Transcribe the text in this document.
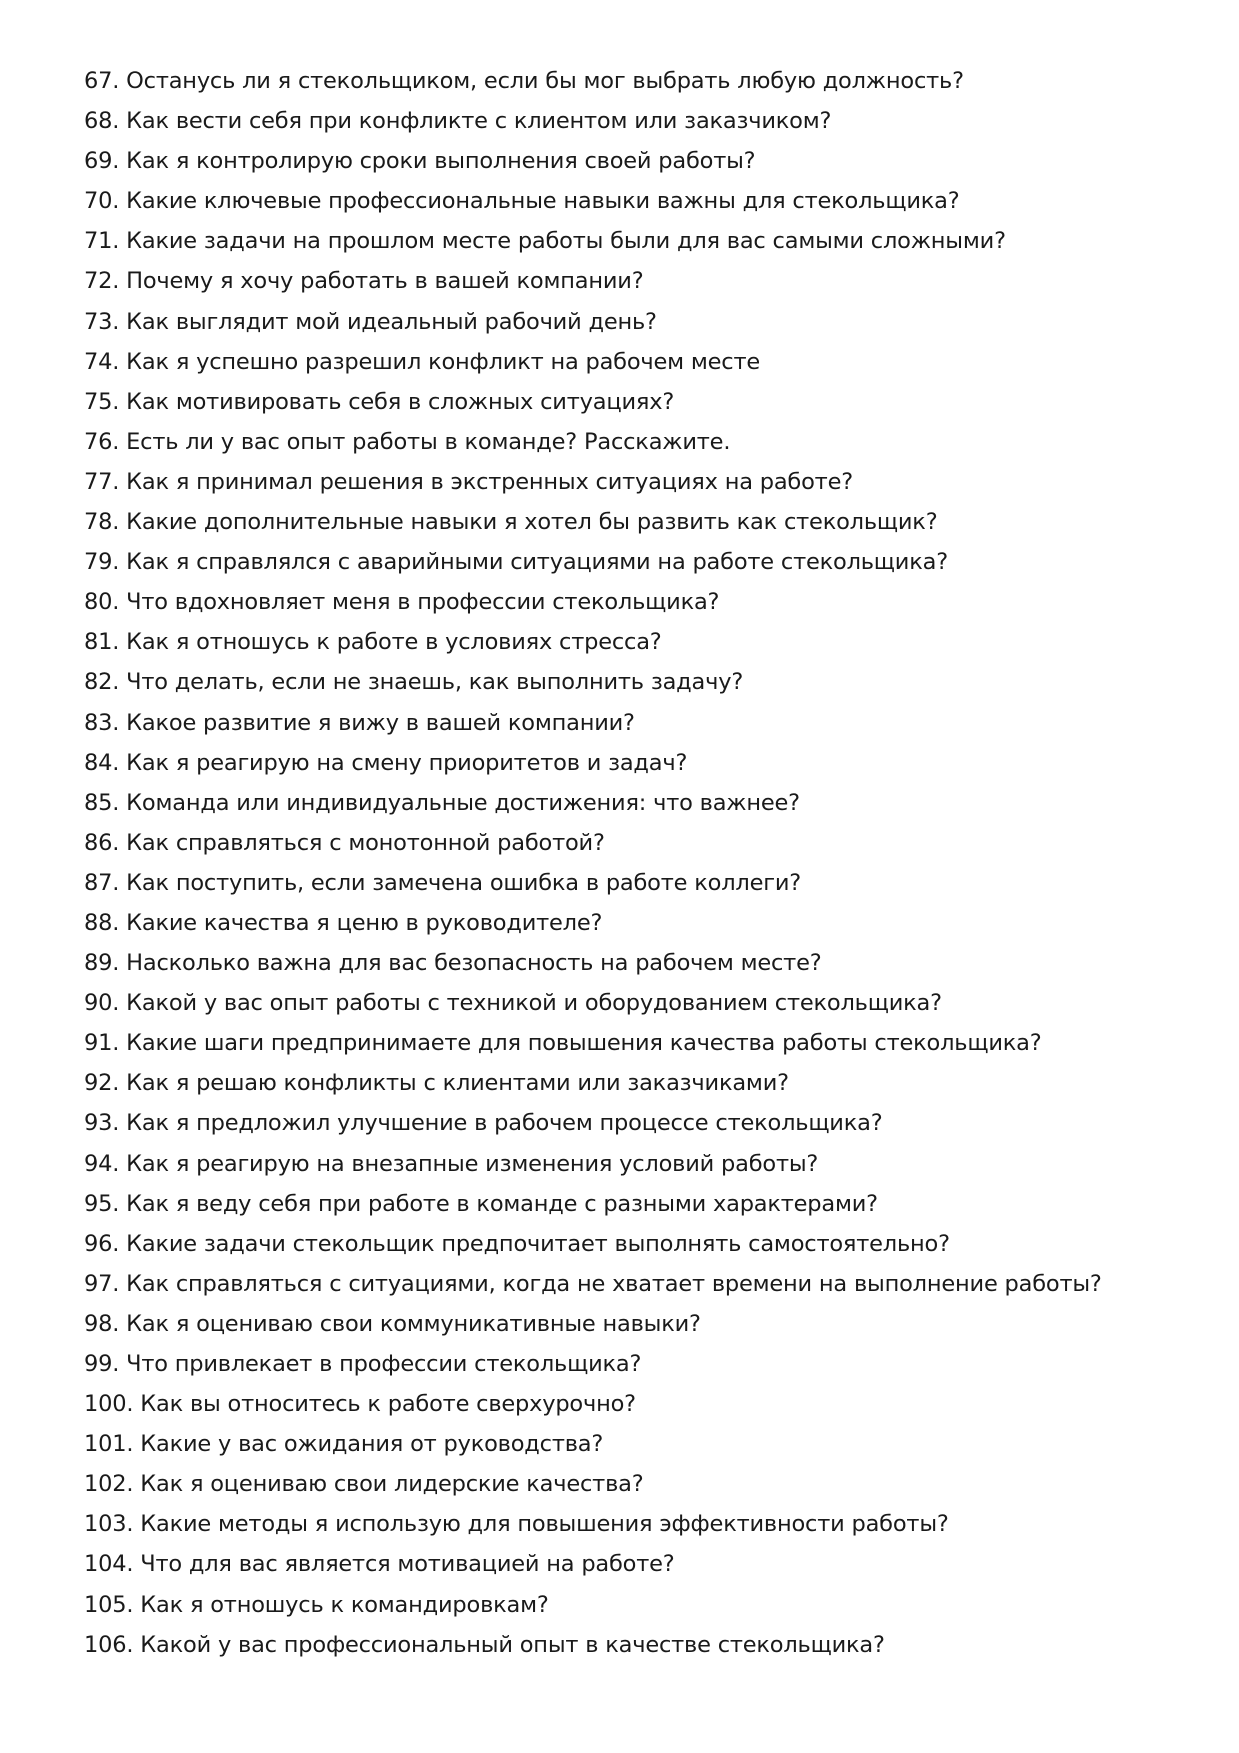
67. Останусь ли я стекольщиком, если бы мог выбрать любую должность?
68. Как вести себя при конфликте с клиентом или заказчиком?
69. Как я контролирую сроки выполнения своей работы?
70. Какие ключевые профессиональные навыки важны для стекольщика?
71. Какие задачи на прошлом месте работы были для вас самыми сложными?
72. Почему я хочу работать в вашей компании?
73. Как выглядит мой идеальный рабочий день?
74. Как я успешно разрешил конфликт на рабочем месте
75. Как мотивировать себя в сложных ситуациях?
76. Есть ли у вас опыт работы в команде? Расскажите.
77. Как я принимал решения в экстренных ситуациях на работе?
78. Какие дополнительные навыки я хотел бы развить как стекольщик?
79. Как я справлялся с аварийными ситуациями на работе стекольщика?
80. Что вдохновляет меня в профессии стекольщика?
81. Как я отношусь к работе в условиях стресса?
82. Что делать, если не знаешь, как выполнить задачу?
83. Какое развитие я вижу в вашей компании?
84. Как я реагирую на смену приоритетов и задач?
85. Команда или индивидуальные достижения: что важнее?
86. Как справляться с монотонной работой?
87. Как поступить, если замечена ошибка в работе коллеги?
88. Какие качества я ценю в руководителе?
89. Насколько важна для вас безопасность на рабочем месте?
90. Какой у вас опыт работы с техникой и оборудованием стекольщика?
91. Какие шаги предпринимаете для повышения качества работы стекольщика?
92. Как я решаю конфликты с клиентами или заказчиками?
93. Как я предложил улучшение в рабочем процессе стекольщика?
94. Как я реагирую на внезапные изменения условий работы?
95. Как я веду себя при работе в команде с разными характерами?
96. Какие задачи стекольщик предпочитает выполнять самостоятельно?
97. Как справляться с ситуациями, когда не хватает времени на выполнение работы?
98. Как я оцениваю свои коммуникативные навыки?
99. Что привлекает в профессии стекольщика?
100. Как вы относитесь к работе сверхурочно?
101. Какие у вас ожидания от руководства?
102. Как я оцениваю свои лидерские качества?
103. Какие методы я использую для повышения эффективности работы?
104. Что для вас является мотивацией на работе?
105. Как я отношусь к командировкам?
106. Какой у вас профессиональный опыт в качестве стекольщика?
